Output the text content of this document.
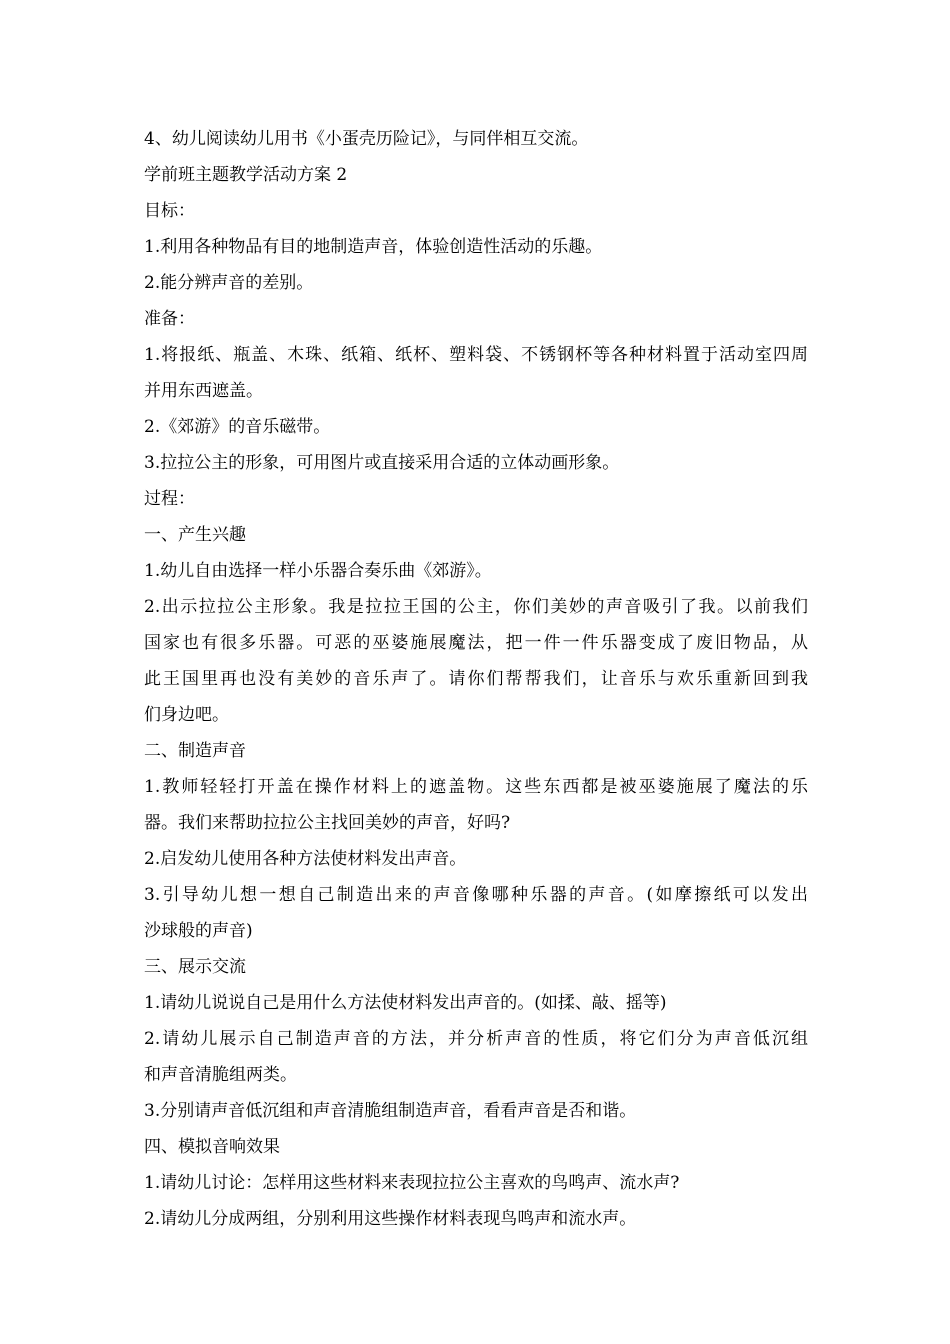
4、幼儿阅读幼儿用书《小蛋壳历险记》，与同伴相互交流。
学前班主题教学活动方案 2
目标：
1.利用各种物品有目的地制造声音，体验创造性活动的乐趣。
2.能分辨声音的差别。
准备：
1.将报纸、瓶盖、木珠、纸箱、纸杯、塑料袋、不锈钢杯等各种材料置于活动室四周
并用东西遮盖。
2.《郊游》的音乐磁带。
3.拉拉公主的形象，可用图片或直接采用合适的立体动画形象。
过程：
一、产生兴趣
1.幼儿自由选择一样小乐器合奏乐曲《郊游》。
2.出示拉拉公主形象。我是拉拉王国的公主，你们美妙的声音吸引了我。以前我们
国家也有很多乐器。可恶的巫婆施展魔法，把一件一件乐器变成了废旧物品，从
此王国里再也没有美妙的音乐声了。请你们帮帮我们，让音乐与欢乐重新回到我
们身边吧。
二、制造声音
1.教师轻轻打开盖在操作材料上的遮盖物。这些东西都是被巫婆施展了魔法的乐
器。我们来帮助拉拉公主找回美妙的声音，好吗?
2.启发幼儿使用各种方法使材料发出声音。
3.引导幼儿想一想自己制造出来的声音像哪种乐器的声音。(如摩擦纸可以发出
沙球般的声音)
三、展示交流
1.请幼儿说说自己是用什么方法使材料发出声音的。(如揉、敲、摇等)
2.请幼儿展示自己制造声音的方法，并分析声音的性质，将它们分为声音低沉组
和声音清脆组两类。
3.分别请声音低沉组和声音清脆组制造声音，看看声音是否和谐。
四、模拟音响效果
1.请幼儿讨论：怎样用这些材料来表现拉拉公主喜欢的鸟鸣声、流水声?
2.请幼儿分成两组，分别利用这些操作材料表现鸟鸣声和流水声。
